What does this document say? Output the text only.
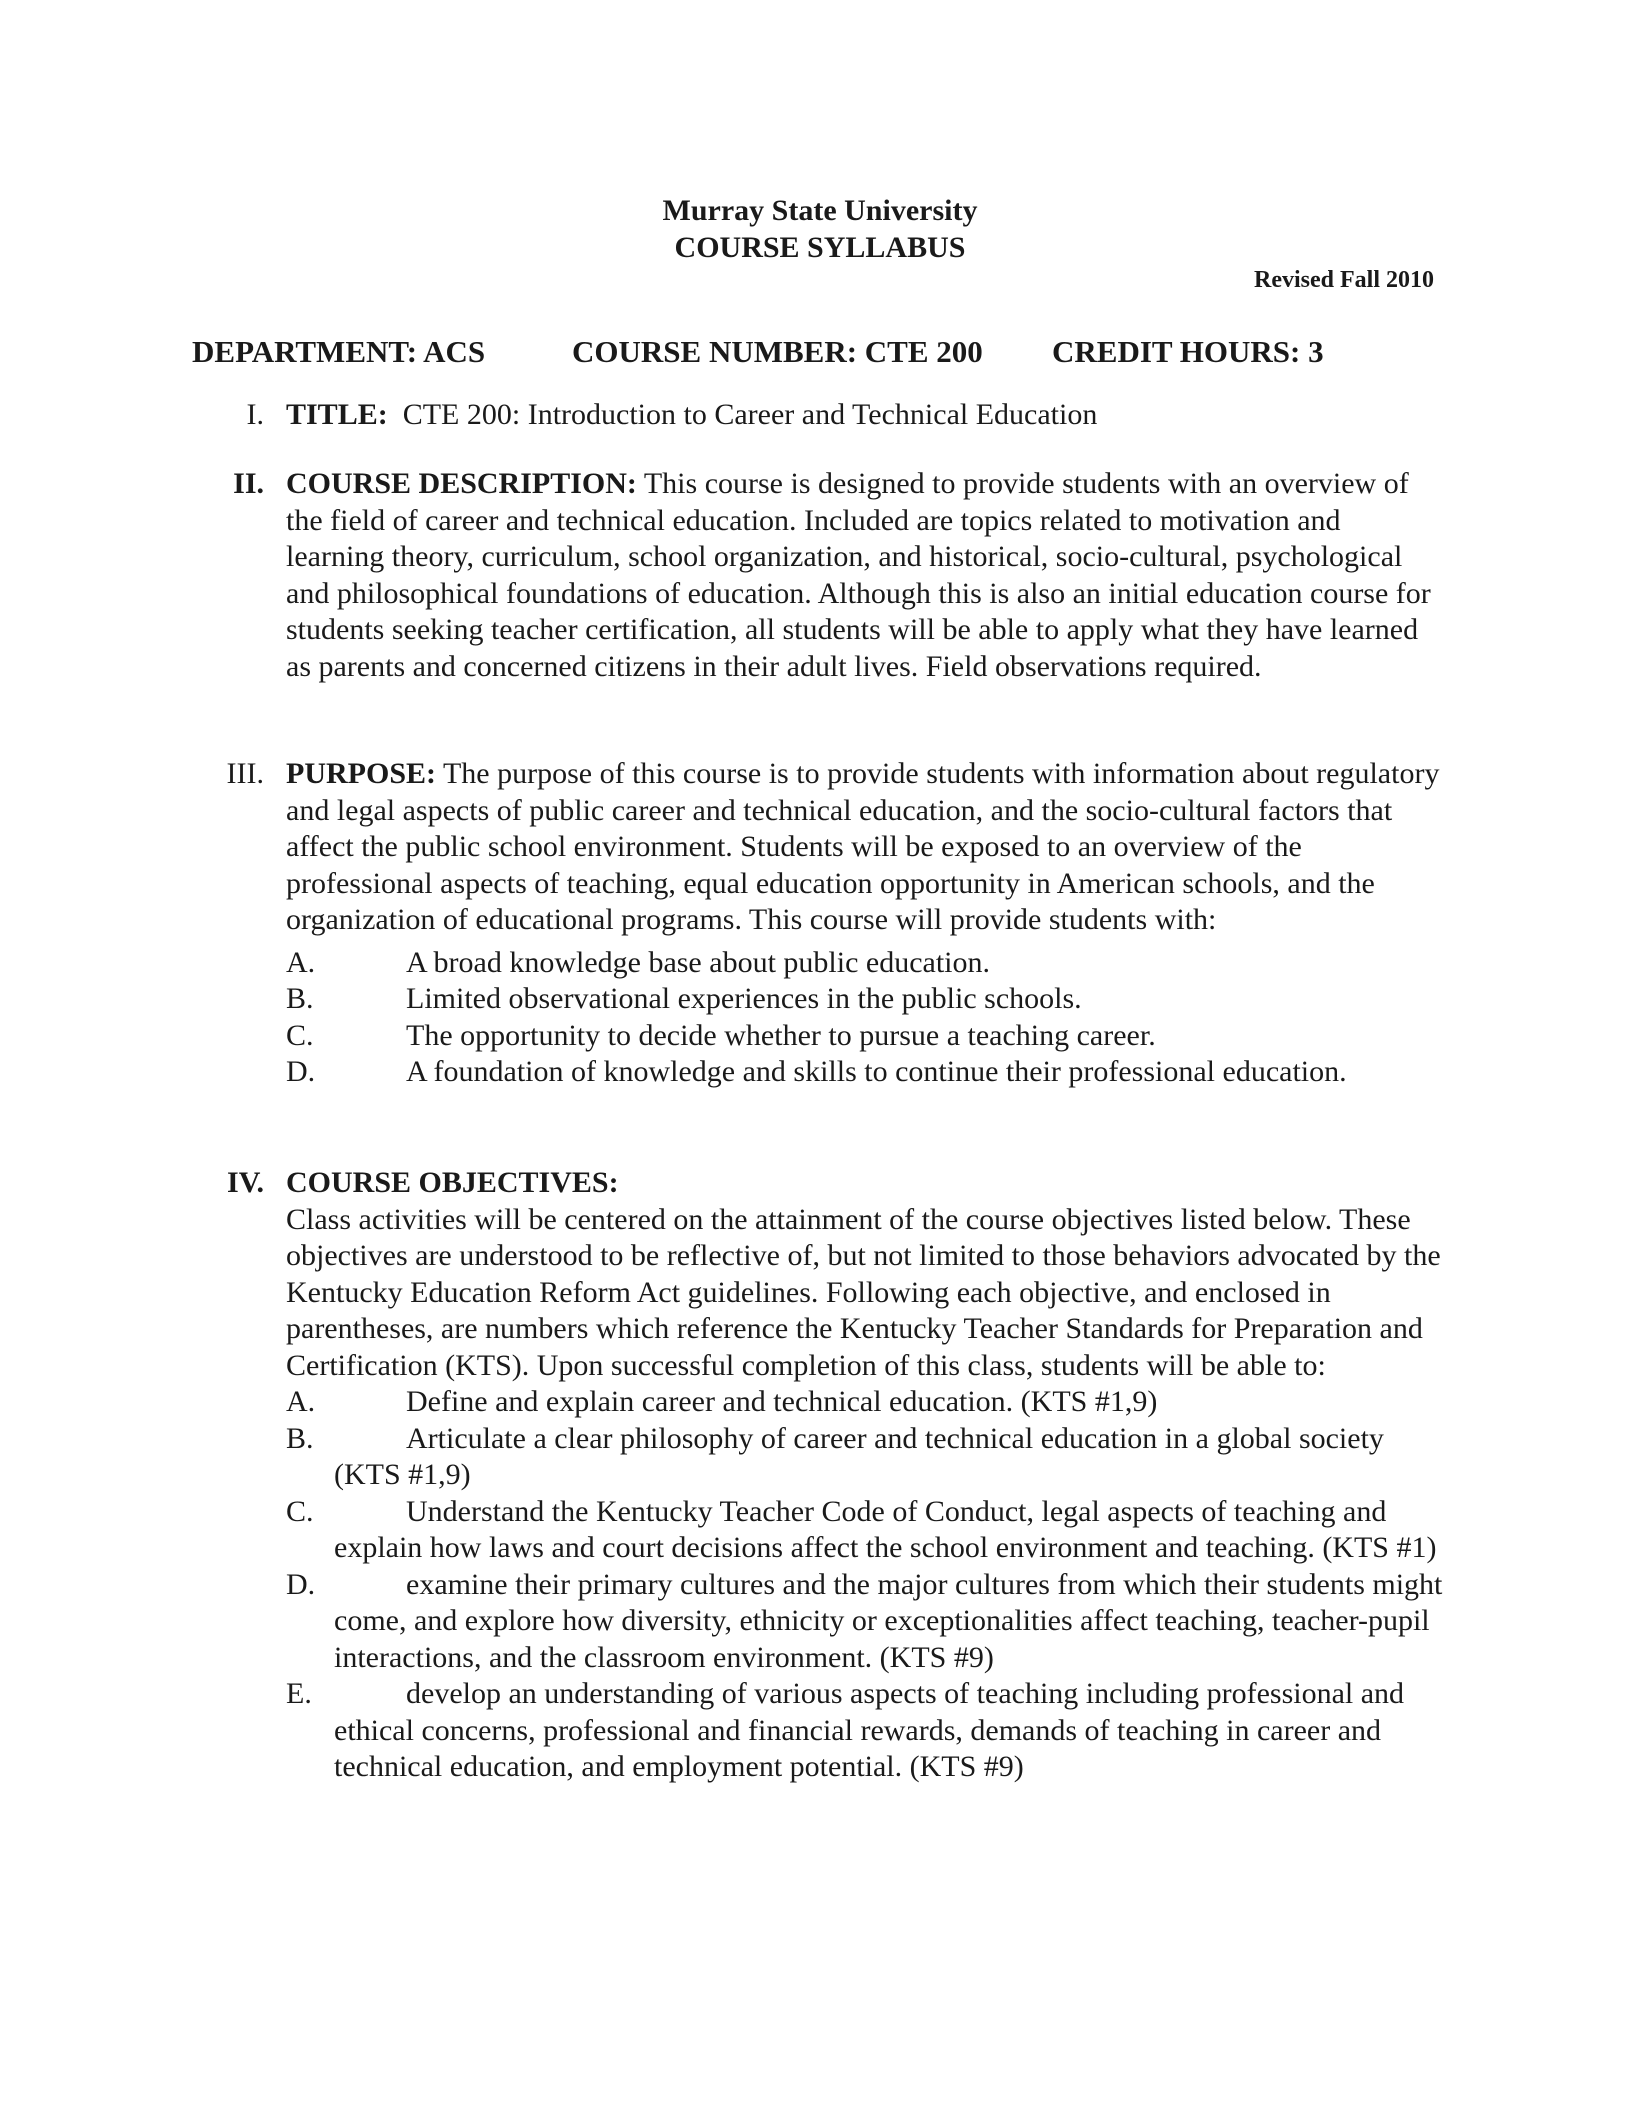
Murray State University
COURSE SYLLABUS
Revised Fall 2010
DEPARTMENT: ACS	COURSE NUMBER: CTE 200 CREDIT HOURS: 3
I. TITLE: CTE 200: Introduction to Career and Technical Education

II. COURSE DESCRIPTION: This course is designed to provide students with an overview of the field of career and technical education. Included are topics related to motivation and learning theory, curriculum, school organization, and historical, socio-cultural, psychological and philosophical foundations of education. Although this is also an initial education course for students seeking teacher certification, all students will be able to apply what they have learned as parents and concerned citizens in their adult lives. Field observations required.

III. PURPOSE: The purpose of this course is to provide students with information about regulatory and legal aspects of public career and technical education, and the socio-cultural factors that affect the public school environment. Students will be exposed to an overview of the professional aspects of teaching, equal education opportunity in American schools, and the organization of educational programs. This course will provide students with:

A.	A broad knowledge base about public education.
B.	Limited observational experiences in the public schools.
C.	The opportunity to decide whether to pursue a teaching career.
D.	A foundation of knowledge and skills to continue their professional education.
IV. COURSE OBJECTIVES:

Class activities will be centered on the attainment of the course objectives listed below. These objectives are understood to be reflective of, but not limited to those behaviors advocated by the Kentucky Education Reform Act guidelines. Following each objective, and enclosed in parentheses, are numbers which reference the Kentucky Teacher Standards for Preparation and Certification (KTS). Upon successful completion of this class, students will be able to:

A.	Define and explain career and technical education. (KTS #1,9)
B.	Articulate a clear philosophy of career and technical education in a global society (KTS #1,9)
C.	Understand the Kentucky Teacher Code of Conduct, legal aspects of teaching and explain how laws and court decisions affect the school environment and teaching. (KTS #1)
D.	examine their primary cultures and the major cultures from which their students might come, and explore how diversity, ethnicity or exceptionalities affect teaching, teacher-pupil interactions, and the classroom environment. (KTS #9)
E.	develop an understanding of various aspects of teaching including professional and ethical concerns, professional and financial rewards, demands of teaching in career and technical education, and employment potential. (KTS #9)
